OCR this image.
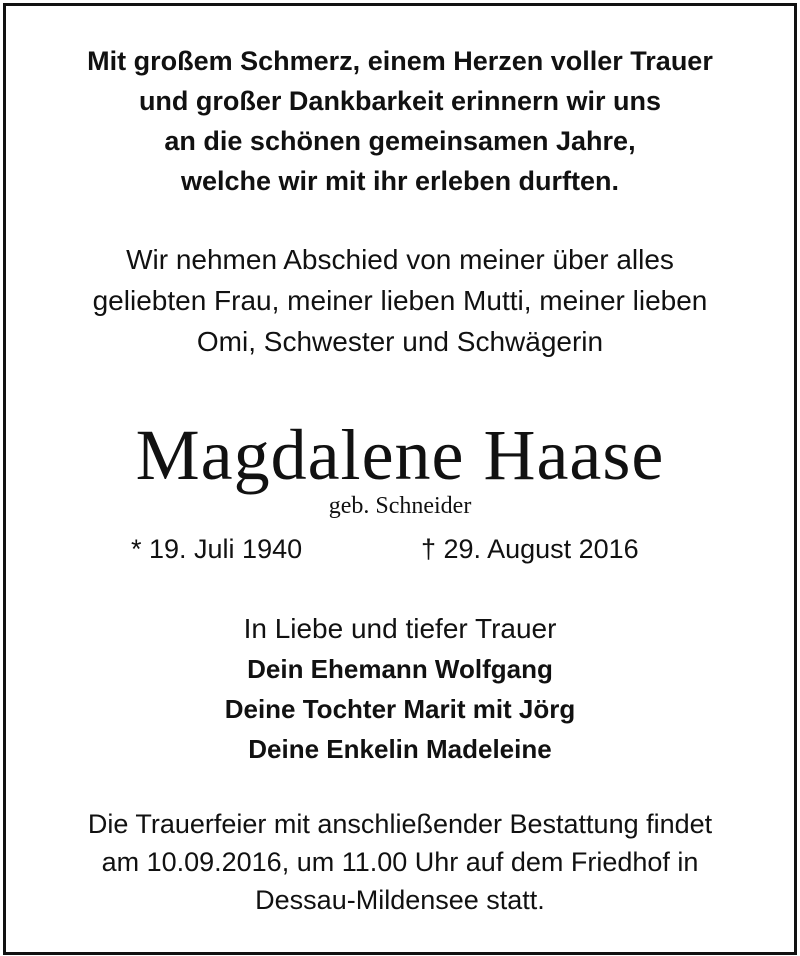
Mit großem Schmerz, einem Herzen voller Trauer
und großer Dankbarkeit erinnern wir uns
an die schönen gemeinsamen Jahre,
welche wir mit ihr erleben durften.
Wir nehmen Abschied von meiner über alles
geliebten Frau, meiner lieben Mutti, meiner lieben
Omi, Schwester und Schwägerin
Magdalene Haase
geb. Schneider
* 19. Juli 1940	† 29. August 2016
In Liebe und tiefer Trauer
Dein Ehemann Wolfgang
Deine Tochter Marit mit Jörg
Deine Enkelin Madeleine
Die Trauerfeier mit anschließender Bestattung findet
am 10.09.2016, um 11.00 Uhr auf dem Friedhof in
Dessau-Mildensee statt.
